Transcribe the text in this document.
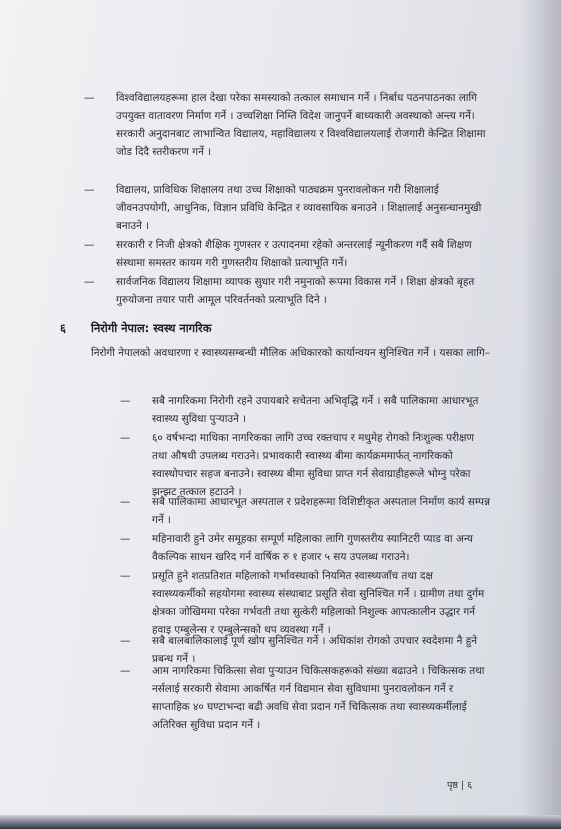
— विश्वविद्यालयहरूमा हाल देखा परेका समस्याको तत्काल समाधान गर्ने । निर्बाध पठनपाठनका लागि उपयुक्त वातावरण निर्माण गर्ने । उच्चशिक्षा निम्ति विदेश जानुपर्ने बाध्यकारी अवस्थाको अन्त्य गर्ने। सरकारी अनुदानबाट लाभान्वित विद्यालय, महाविद्यालय र विश्वविद्यालयलाई रोजगारी केन्द्रित शिक्षामा जोड दिदै स्तरीकरण गर्ने ।
— विद्यालय, प्राविधिक शिक्षालय तथा उच्च शिक्षाको पाठ्यक्रम पुनरावलोकन गरी शिक्षालाई जीवनउपयोगी, आधुनिक, विज्ञान प्रविधि केन्द्रित र व्यावसायिक बनाउने । शिक्षालाई अनुसन्धानमुखी बनाउने ।
— सरकारी र निजी क्षेत्रको शैक्षिक गुणस्तर र उत्पादनमा रहेको अन्तरलाई न्यूनीकरण गर्दै सबै शिक्षण संस्थामा समस्तर कायम गरी गुणस्तरीय शिक्षाको प्रत्याभूति गर्ने।
— सार्वजनिक विद्यालय शिक्षामा व्यापक सुधार गरी नमुनाको रूपमा विकास गर्ने । शिक्षा क्षेत्रको बृहत गुरुयोजना तयार पारी आमूल परिवर्तनको प्रत्याभूति दिने ।
६ निरोगी नेपाल: स्वस्थ नागरिक
निरोगी नेपालको अवधारणा र स्वास्थ्यसम्बन्धी मौलिक अधिकारको कार्यान्वयन सुनिश्चित गर्ने । यसका लागि–
— सबै नागरिकमा निरोगी रहने उपायबारे सचेतना अभिवृद्धि गर्ने । सबै पालिकामा आधारभूत स्वास्थ्य सुविधा पुऱ्याउने ।
— ६० वर्षभन्दा माथिका नागरिकका लागि उच्च रक्तचाप र मधुमेह रोगको निःशुल्क परीक्षण तथा औषधी उपलब्ध गराउने। प्रभावकारी स्वास्थ्य बीमा कार्यक्रममार्फत् नागरिकको स्वास्थोपचार सहज बनाउने। स्वास्थ्य बीमा सुविधा प्राप्त गर्न सेवाग्राहीहरूले भोग्नु परेका झन्झट तत्काल हटाउने ।
— सबै पालिकामा आधारभूत अस्पताल र प्रदेशहरूमा विशिष्टीकृत अस्पताल निर्माण कार्य सम्पन्न गर्ने ।
— महिनावारी हुने उमेर समूहका सम्पूर्ण महिलाका लागि गुणस्तरीय स्यानिटरी प्याड वा अन्य वैकल्पिक साधन खरिद गर्न वार्षिक रु १ हजार ५ सय उपलब्ध गराउने।
— प्रसूति हुने शतप्रतिशत महिलाको गर्भावस्थाको नियमित स्वास्थ्यजाँच तथा दक्ष स्वास्थ्यकर्मीको सहयोगमा स्वास्थ्य संस्थाबाट प्रसूति सेवा सुनिश्चित गर्ने । ग्रामीण तथा दुर्गम क्षेत्रका जोखिममा परेका गर्भवती तथा सुत्केरी महिलाको निशुल्क आपत्कालीन उद्धार गर्न हवाइ एम्बुलेन्स र एम्बुलेन्सको थप व्यवस्था गर्ने ।
— सबै बालबालिकालाई पूर्ण खोप सुनिश्चित गर्ने । अधिकांश रोगको उपचार स्वदेशमा नै हुने प्रबन्ध गर्ने ।
— आम नागरिकमा चिकित्सा सेवा पुऱ्याउन चिकित्सकहरूको संख्या बढाउने । चिकित्सक तथा नर्सलाई सरकारी सेवामा आकर्षित गर्न विद्यमान सेवा सुविधामा पुनरावलोकन गर्ने र साप्ताहिक ४० घण्टाभन्दा बढी अवधि सेवा प्रदान गर्ने चिकित्सक तथा स्वास्थ्यकर्मीलाई अतिरिक्त सुविधा प्रदान गर्ने ।
पृष्ठ | ६
